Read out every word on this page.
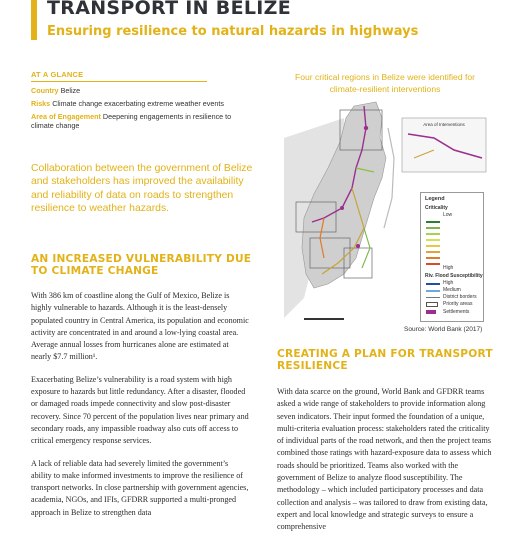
TRANSPORT IN BELIZE
Ensuring resilience to natural hazards in highways
AT A GLANCE
Country Belize
Risks Climate change exacerbating extreme weather events
Area of Engagement Deepening engagements in resilience to climate change
Collaboration between the government of Belize and stakeholders has improved the availability and reliability of data on roads to strengthen resilience to weather hazards.
AN INCREASED VULNERABILITY DUE TO CLIMATE CHANGE

With 386 km of coastline along the Gulf of Mexico, Belize is highly vulnerable to hazards. Although it is the least-densely populated country in Central America, its population and economic activity are concentrated in and around a low-lying coastal area. Average annual losses from hurricanes alone are estimated at nearly $7.7 million¹.

Exacerbating Belize’s vulnerability is a road system with high exposure to hazards but little redundancy. After a disaster, flooded or damaged roads impede connectivity and slow post-disaster recovery. Since 70 percent of the population lives near primary and secondary roads, any impassible roadway also cuts off access to critical emergency response services.

A lack of reliable data had severely limited the government’s ability to make informed investments to improve the resilience of transport networks. In close partnership with government agencies, academia, NGOs, and IFIs, GFDRR supported a multi-pronged approach in Belize to strengthen data

Four critical regions in Belize were identified for climate-resilient interventions
Area of Interventions
Legend
Criticality
Low
High
Riv. Flood Susceptibility
High
Medium
District borders
Priority areas
Settlements
Source: World Bank (2017)
CREATING A PLAN FOR TRANSPORT RESILIENCE

With data scarce on the ground, World Bank and GFDRR teams asked a wide range of stakeholders to provide information along seven indicators. Their input formed the foundation of a unique, multi-criteria evaluation process: stakeholders rated the criticality of individual parts of the road network, and then the project teams combined those ratings with hazard-exposure data to assess which roads should be prioritized. Teams also worked with the government of Belize to analyze flood susceptibility. The methodology – which included participatory processes and data collection and analysis – was tailored to draw from existing data, expert and local knowledge and strategic surveys to ensure a comprehensive
